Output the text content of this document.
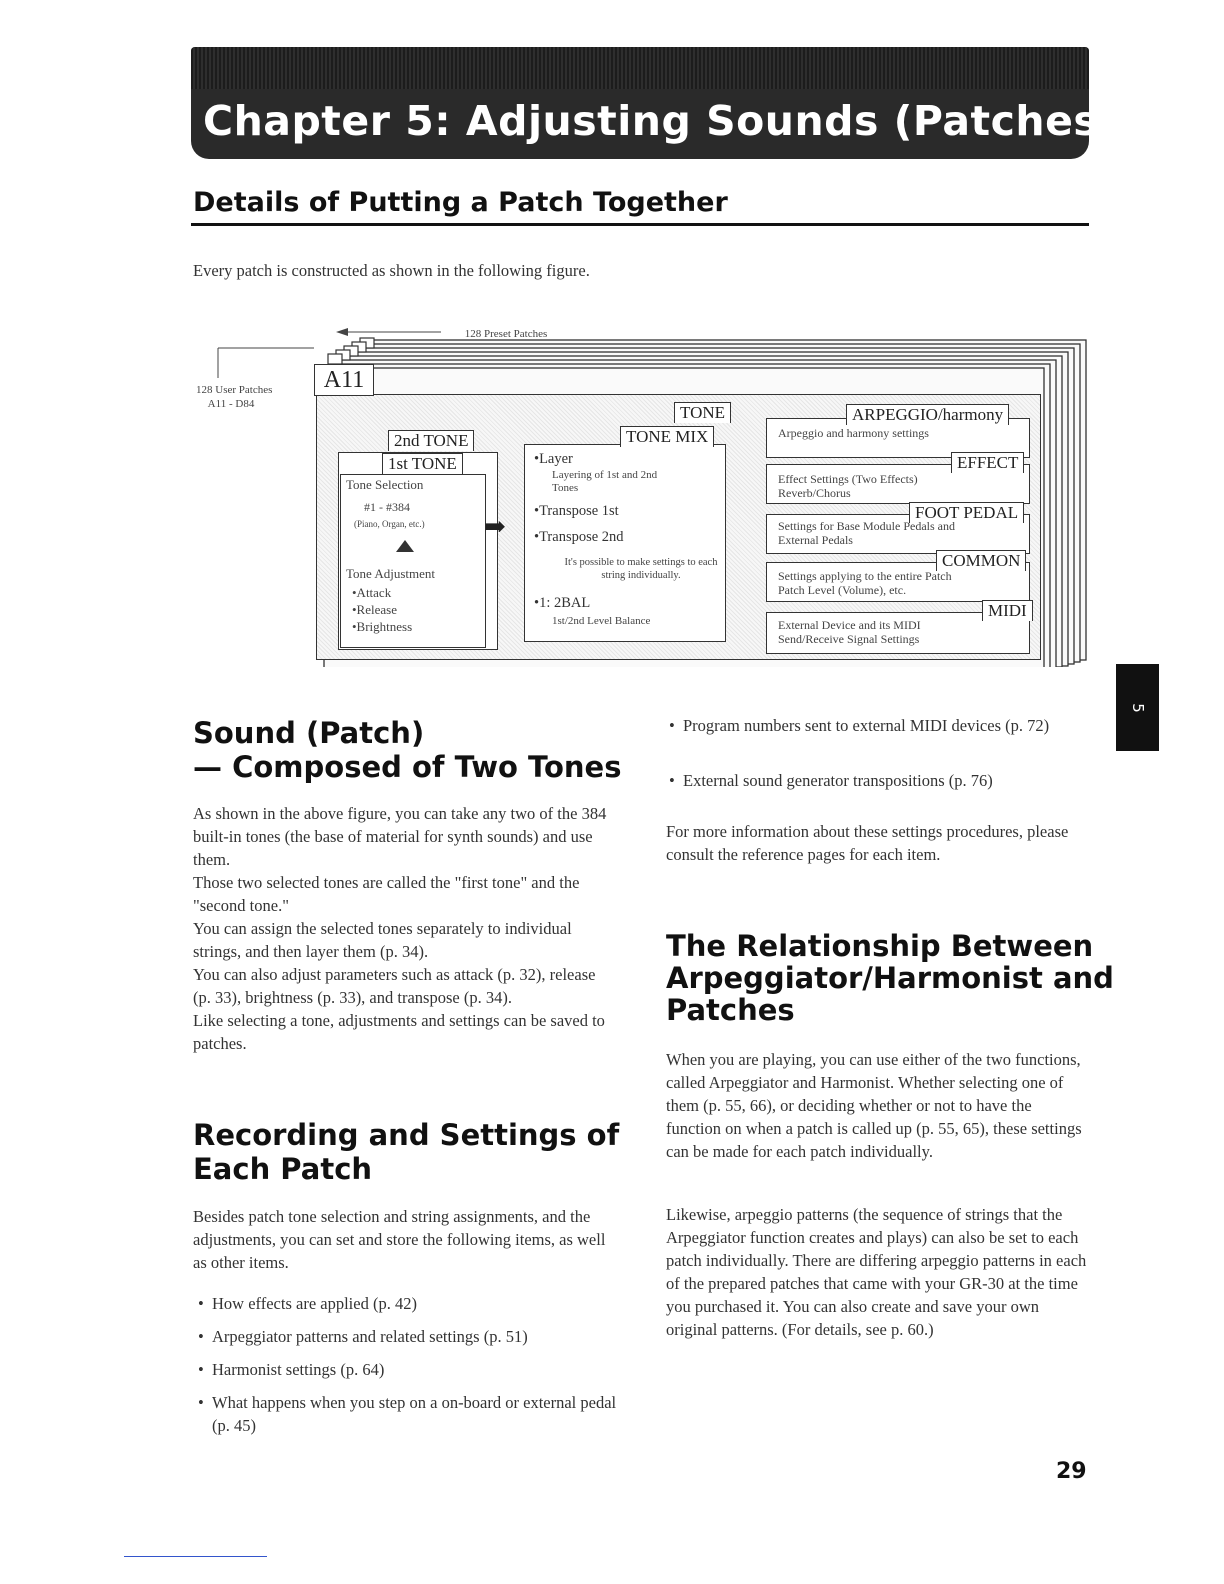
Chapter 5: Adjusting Sounds (Patches)
Details of Putting a Patch Together
Every patch is constructed as shown in the following figure.
128 Preset Patches
128 User Patches
A11 - D84
A11
TONE
2nd TONE
1st TONE
Tone Selection
#1 - #384
(Piano, Organ, etc.)
Tone Adjustment
•Attack
•Release
•Brightness
➡
TONE MIX
•Layer
Layering of 1st and 2nd Tones
•Transpose 1st
•Transpose 2nd
It's possible to make settings to each string individually.
•1: 2BAL
1st/2nd Level Balance
ARPEGGIO/harmony
Arpeggio and harmony settings
EFFECT
Effect Settings (Two Effects) Reverb/Chorus
FOOT PEDAL
Settings for Base Module Pedals and External Pedals
COMMON
Settings applying to the entire Patch Patch Level (Volume), etc.
MIDI
External Device and its MIDI Send/Receive Signal Settings
Sound (Patch)
— Composed of Two Tones

As shown in the above figure, you can take any two of the 384 built-in tones (the base of material for synth sounds) and use them.

Those two selected tones are called the "first tone" and the "second tone."

You can assign the selected tones separately to individual strings, and then layer them (p. 34).

You can also adjust parameters such as attack (p. 32), release (p. 33), brightness (p. 33), and transpose (p. 34).

Like selecting a tone, adjustments and settings can be saved to patches.

Recording and Settings of
Each Patch
Besides patch tone selection and string assignments, and the adjustments, you can set and store the following items, as well as other items.
• How effects are applied (p. 42)
• Arpeggiator patterns and related settings (p. 51)
• Harmonist settings (p. 64)
• What happens when you step on a on-board or external pedal (p. 45)
• Program numbers sent to external MIDI devices (p. 72)
• External sound generator transpositions (p. 76)
For more information about these settings procedures, please consult the reference pages for each item.
The Relationship Between
Arpeggiator/Harmonist and
Patches
When you are playing, you can use either of the two functions, called Arpeggiator and Harmonist. Whether selecting one of them (p. 55, 66), or deciding whether or not to have the function on when a patch is called up (p. 55, 65), these settings can be made for each patch individually.
Likewise, arpeggio patterns (the sequence of strings that the Arpeggiator function creates and plays) can also be set to each patch individually. There are differing arpeggio patterns in each of the prepared patches that came with your GR-30 at the time you purchased it. You can also create and save your own original patterns. (For details, see p. 60.)
5
29
